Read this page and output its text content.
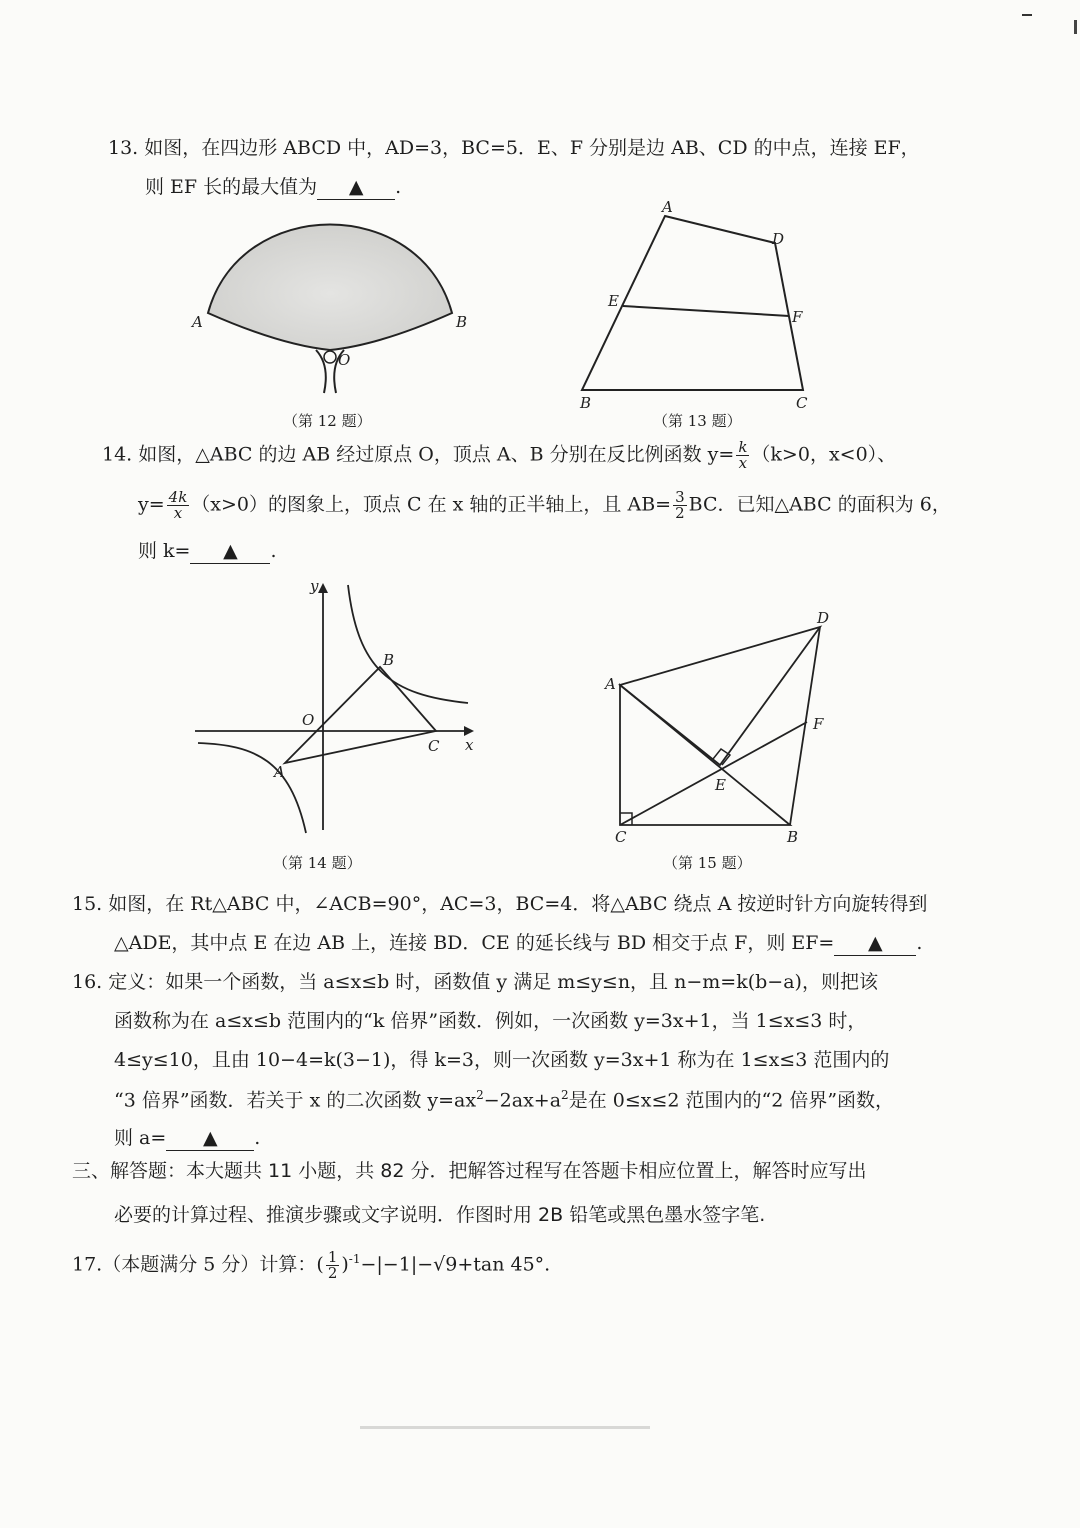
13. 如图，在四边形 ABCD 中，AD=3，BC=5．E、F 分别是边 AB、CD 的中点，连接 EF，
则 EF 长的最大值为 ▲ .
A	B
O
（第 12 题）
A
D
E
F
B	C
（第 13 题）
14. 如图，△ABC 的边 AB 经过原点 O，顶点 A、B 分别在反比例函数 $y= \frac{k}{x} (k>0$，x<0）、
$y= \frac{4k}{x} (x>0)$的图象上，顶点 C 在 x 轴的正半轴上，且 $AB= \frac{3}{2}$ BC．已知△ABC 的面积为 6，
则 k= ▲ .
y
x
O
B
C
A
（第 14 题）
D
A
F
E
C	B
（第 15 题）
15. 如图，在 Rt△ABC 中，∠ACB=90°，AC=3，BC=4．将△ABC 绕点 A 按逆时针方向旋转得到
△ADE，其中点 E 在边 AB 上，连接 BD．CE 的延长线与 BD 相交于点 F，则 EF= ▲ .
16. 定义：如果一个函数，当 a≤x≤b 时，函数值 y 满足 m≤y≤n，且 n−m=k(b−a)，则把该
函数称为在 a≤x≤b 范围内的“k 倍界”函数．例如，一次函数 y=3x+1，当 1≤x≤3 时，
4≤y≤10，且由 10−4=k(3−1)，得 k=3，则一次函数 y=3x+1 称为在 1≤x≤3 范围内的
“3 倍界”函数．若关于 x 的二次函数 $y=ax^2-2ax+a^2$是在 0≤x≤2 范围内的“2 倍界”函数，
则 a= ▲ .
三、解答题：本大题共 11 小题，共 82 分．把解答过程写在答题卡相应位置上，解答时应写出
必要的计算过程、推演步骤或文字说明．作图时用 2B 铅笔或黑色墨水签字笔.
17.（本题满分 5 分）计算：( $\frac{1}{2} )^{-1}-|-1|-√9+\tan$ 45°.
